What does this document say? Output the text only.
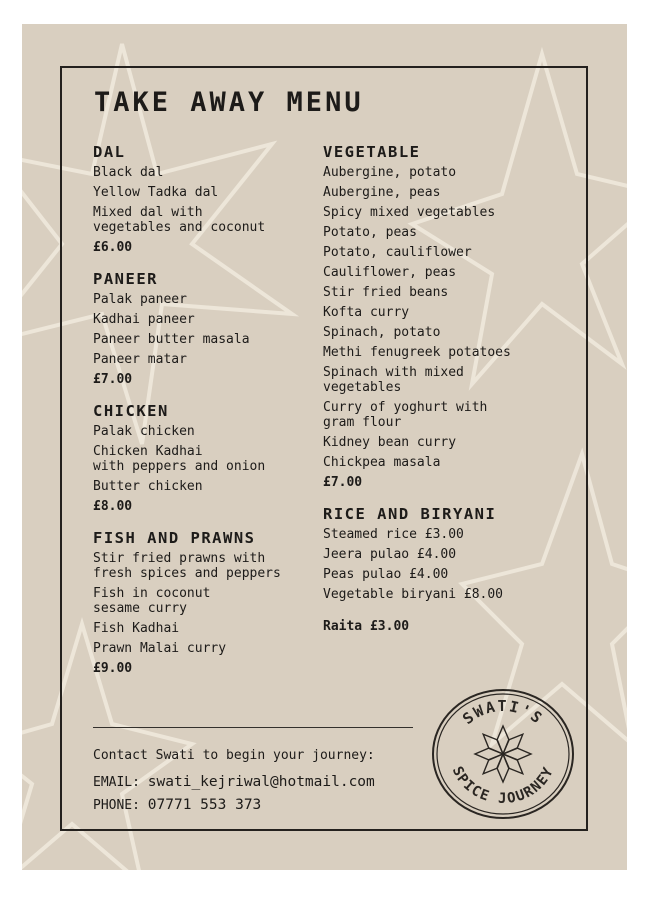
TAKE AWAY MENU
DAL
Black dal
Yellow Tadka dal
Mixed dal with
vegetables and coconut
£6.00
PANEER
Palak paneer
Kadhai paneer
Paneer butter masala
Paneer matar
£7.00
CHICKEN
Palak chicken
Chicken Kadhai
with peppers and onion
Butter chicken
£8.00
FISH AND PRAWNS
Stir fried prawns with
fresh spices and peppers
Fish in coconut
sesame curry
Fish Kadhai
Prawn Malai curry
£9.00
VEGETABLE
Aubergine, potato
Aubergine, peas
Spicy mixed vegetables
Potato, peas
Potato, cauliflower
Cauliflower, peas
Stir fried beans
Kofta curry
Spinach, potato
Methi fenugreek potatoes
Spinach with mixed
vegetables
Curry of yoghurt with
gram flour
Kidney bean curry
Chickpea masala
£7.00
RICE AND BIRYANI
Steamed rice £3.00
Jeera pulao £4.00
Peas pulao £4.00
Vegetable biryani £8.00
Raita £3.00
Contact Swati to begin your journey:
EMAIL: swati_kejriwal@hotmail.com
PHONE: 07771 553 373
SWATI'S
SPICE JOURNEY
